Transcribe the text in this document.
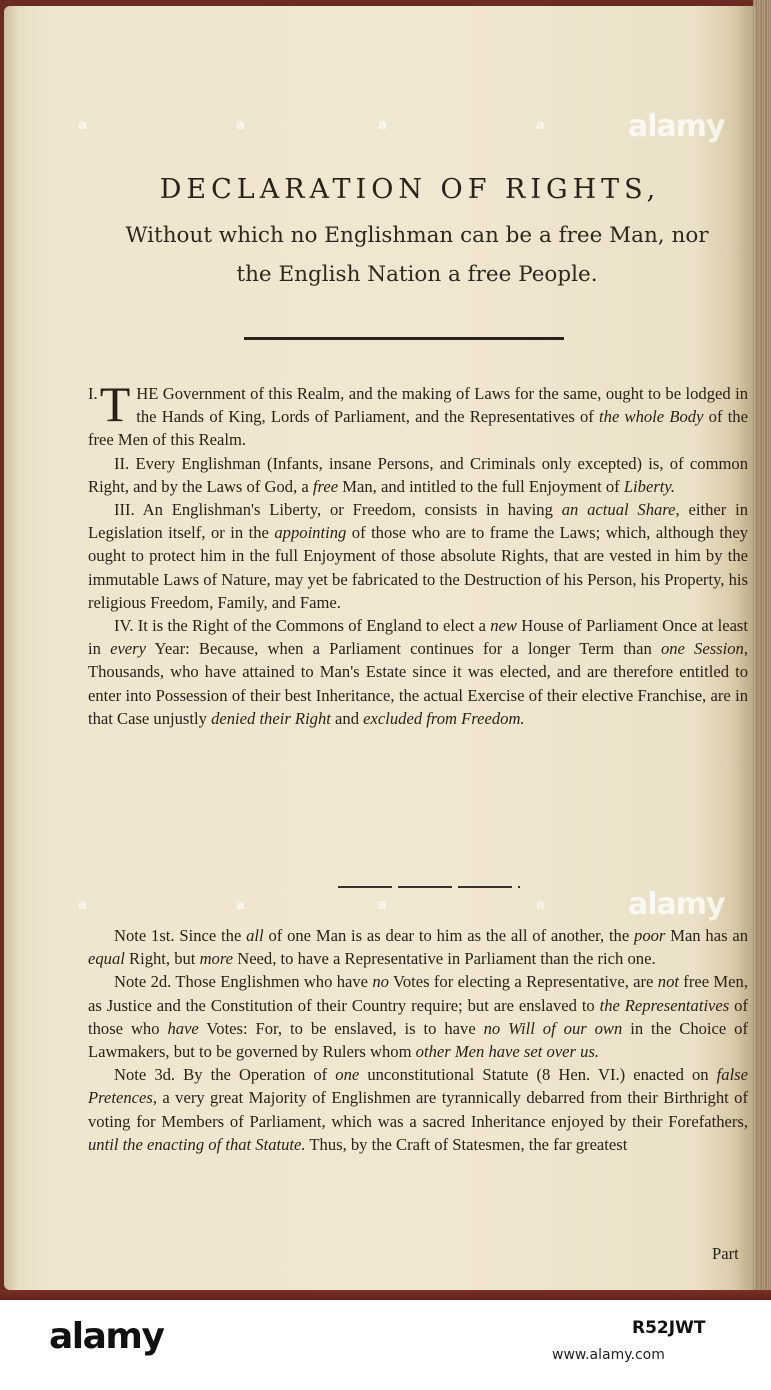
a	a	a	a
a	a	a	a
alamy
alamy
DECLARATION OF RIGHTS,
Without which no Englishman can be a free Man, nor
the English Nation a free People.

I. T HE Government of this Realm, and the making of Laws for the same, ought to be lodged in the Hands of King, Lords of Parliament, and the Representatives of the whole Body of the free Men of this Realm.

II. Every Englishman (Infants, insane Persons, and Criminals only excepted) is, of common Right, and by the Laws of God, a free Man, and intitled to the full Enjoyment of Liberty.

III. An Englishman's Liberty, or Freedom, consists in having an actual Share, either in Legislation itself, or in the appointing of those who are to frame the Laws; which, although they ought to protect him in the full Enjoyment of those absolute Rights, that are vested in him by the immutable Laws of Nature, may yet be fabricated to the Destruction of his Person, his Property, his religious Freedom, Family, and Fame.

IV. It is the Right of the Commons of England to elect a new House of Parliament Once at least in every Year: Because, when a Parliament continues for a longer Term than one Session, Thousands, who have attained to Man's Estate since it was elected, and are therefore entitled to enter into Possession of their best Inheritance, the actual Exercise of their elective Franchise, are in that Case unjustly denied their Right and excluded from Freedom.

Note 1st. Since the all of one Man is as dear to him as the all of another, the poor Man has an equal Right, but more Need, to have a Representative in Parliament than the rich one.

Note 2d. Those Englishmen who have no Votes for electing a Representative, are not free Men, as Justice and the Constitution of their Country require; but are enslaved to the Representatives of those who have Votes: For, to be enslaved, is to have no Will of our own in the Choice of Lawmakers, but to be governed by Rulers whom other Men have set over us.

Note 3d. By the Operation of one unconstitutional Statute (8 Hen. VI.) enacted on false Pretences, a very great Majority of Englishmen are tyrannically debarred from their Birthright of voting for Members of Parliament, which was a sacred Inheritance enjoyed by their Forefathers, until the enacting of that Statute. Thus, by the Craft of Statesmen, the far greatest

Part
alamy	R52JWT
www.alamy.com
